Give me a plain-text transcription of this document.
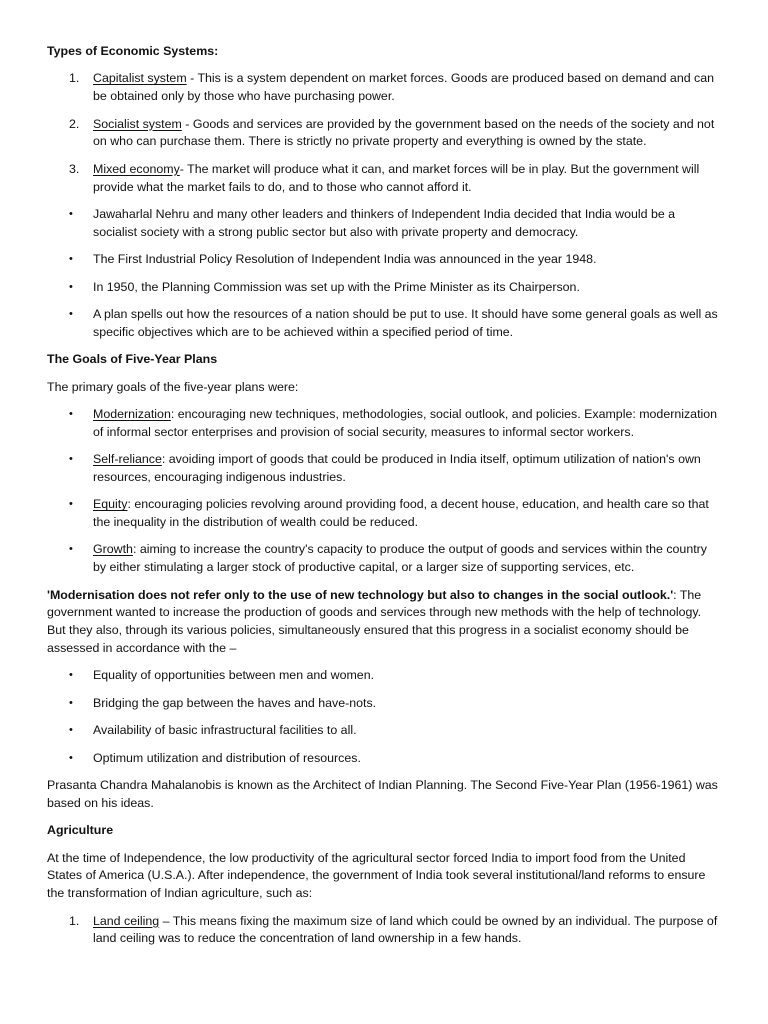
Types of Economic Systems:
1. Capitalist system - This is a system dependent on market forces. Goods are produced based on demand and can be obtained only by those who have purchasing power.
2. Socialist system - Goods and services are provided by the government based on the needs of the society and not on who can purchase them. There is strictly no private property and everything is owned by the state.
3. Mixed economy- The market will produce what it can, and market forces will be in play. But the government will provide what the market fails to do, and to those who cannot afford it.
• Jawaharlal Nehru and many other leaders and thinkers of Independent India decided that India would be a socialist society with a strong public sector but also with private property and democracy.
• The First Industrial Policy Resolution of Independent India was announced in the year 1948.
• In 1950, the Planning Commission was set up with the Prime Minister as its Chairperson.
• A plan spells out how the resources of a nation should be put to use. It should have some general goals as well as specific objectives which are to be achieved within a specified period of time.
The Goals of Five-Year Plans
The primary goals of the five-year plans were:
• Modernization: encouraging new techniques, methodologies, social outlook, and policies. Example: modernization of informal sector enterprises and provision of social security, measures to informal sector workers.
• Self-reliance: avoiding import of goods that could be produced in India itself, optimum utilization of nation's own resources, encouraging indigenous industries.
• Equity: encouraging policies revolving around providing food, a decent house, education, and health care so that the inequality in the distribution of wealth could be reduced.
• Growth: aiming to increase the country's capacity to produce the output of goods and services within the country by either stimulating a larger stock of productive capital, or a larger size of supporting services, etc.
'Modernisation does not refer only to the use of new technology but also to changes in the social outlook.': The government wanted to increase the production of goods and services through new methods with the help of technology. But they also, through its various policies, simultaneously ensured that this progress in a socialist economy should be assessed in accordance with the –
• Equality of opportunities between men and women.
• Bridging the gap between the haves and have-nots.
• Availability of basic infrastructural facilities to all.
• Optimum utilization and distribution of resources.
Prasanta Chandra Mahalanobis is known as the Architect of Indian Planning. The Second Five-Year Plan (1956-1961) was based on his ideas.
Agriculture
At the time of Independence, the low productivity of the agricultural sector forced India to import food from the United States of America (U.S.A.). After independence, the government of India took several institutional/land reforms to ensure the transformation of Indian agriculture, such as:
1. Land ceiling – This means fixing the maximum size of land which could be owned by an individual. The purpose of land ceiling was to reduce the concentration of land ownership in a few hands.
